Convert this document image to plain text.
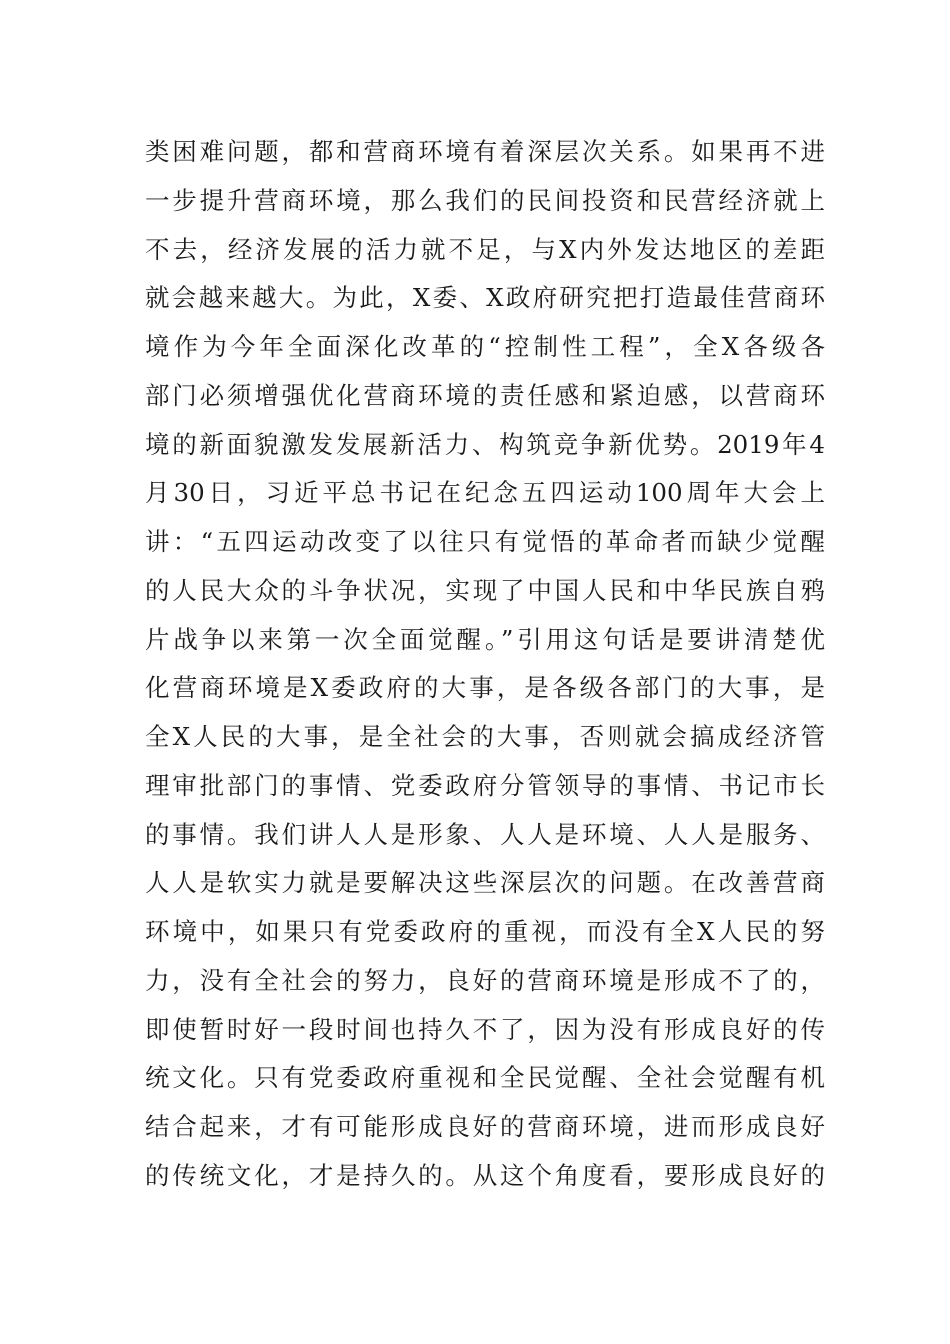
类困难问题，都和营商环境有着深层次关系。如果再不进
一步提升营商环境，那么我们的民间投资和民营经济就上
不去，经济发展的活力就不足，与X内外发达地区的差距
就会越来越大。为此，X委、X政府研究把打造最佳营商环
境作为今年全面深化改革的“控制性工程”，全X各级各
部门必须增强优化营商环境的责任感和紧迫感，以营商环
境的新面貌激发发展新活力、构筑竞争新优势。2019年4
月30日，习近平总书记在纪念五四运动100周年大会上
讲：“五四运动改变了以往只有觉悟的革命者而缺少觉醒
的人民大众的斗争状况，实现了中国人民和中华民族自鸦
片战争以来第一次全面觉醒。”引用这句话是要讲清楚优
化营商环境是X委政府的大事，是各级各部门的大事，是
全X人民的大事，是全社会的大事，否则就会搞成经济管
理审批部门的事情、党委政府分管领导的事情、书记市长
的事情。我们讲人人是形象、人人是环境、人人是服务、
人人是软实力就是要解决这些深层次的问题。在改善营商
环境中，如果只有党委政府的重视，而没有全X人民的努
力，没有全社会的努力，良好的营商环境是形成不了的，
即使暂时好一段时间也持久不了，因为没有形成良好的传
统文化。只有党委政府重视和全民觉醒、全社会觉醒有机
结合起来，才有可能形成良好的营商环境，进而形成良好
的传统文化，才是持久的。从这个角度看，要形成良好的
